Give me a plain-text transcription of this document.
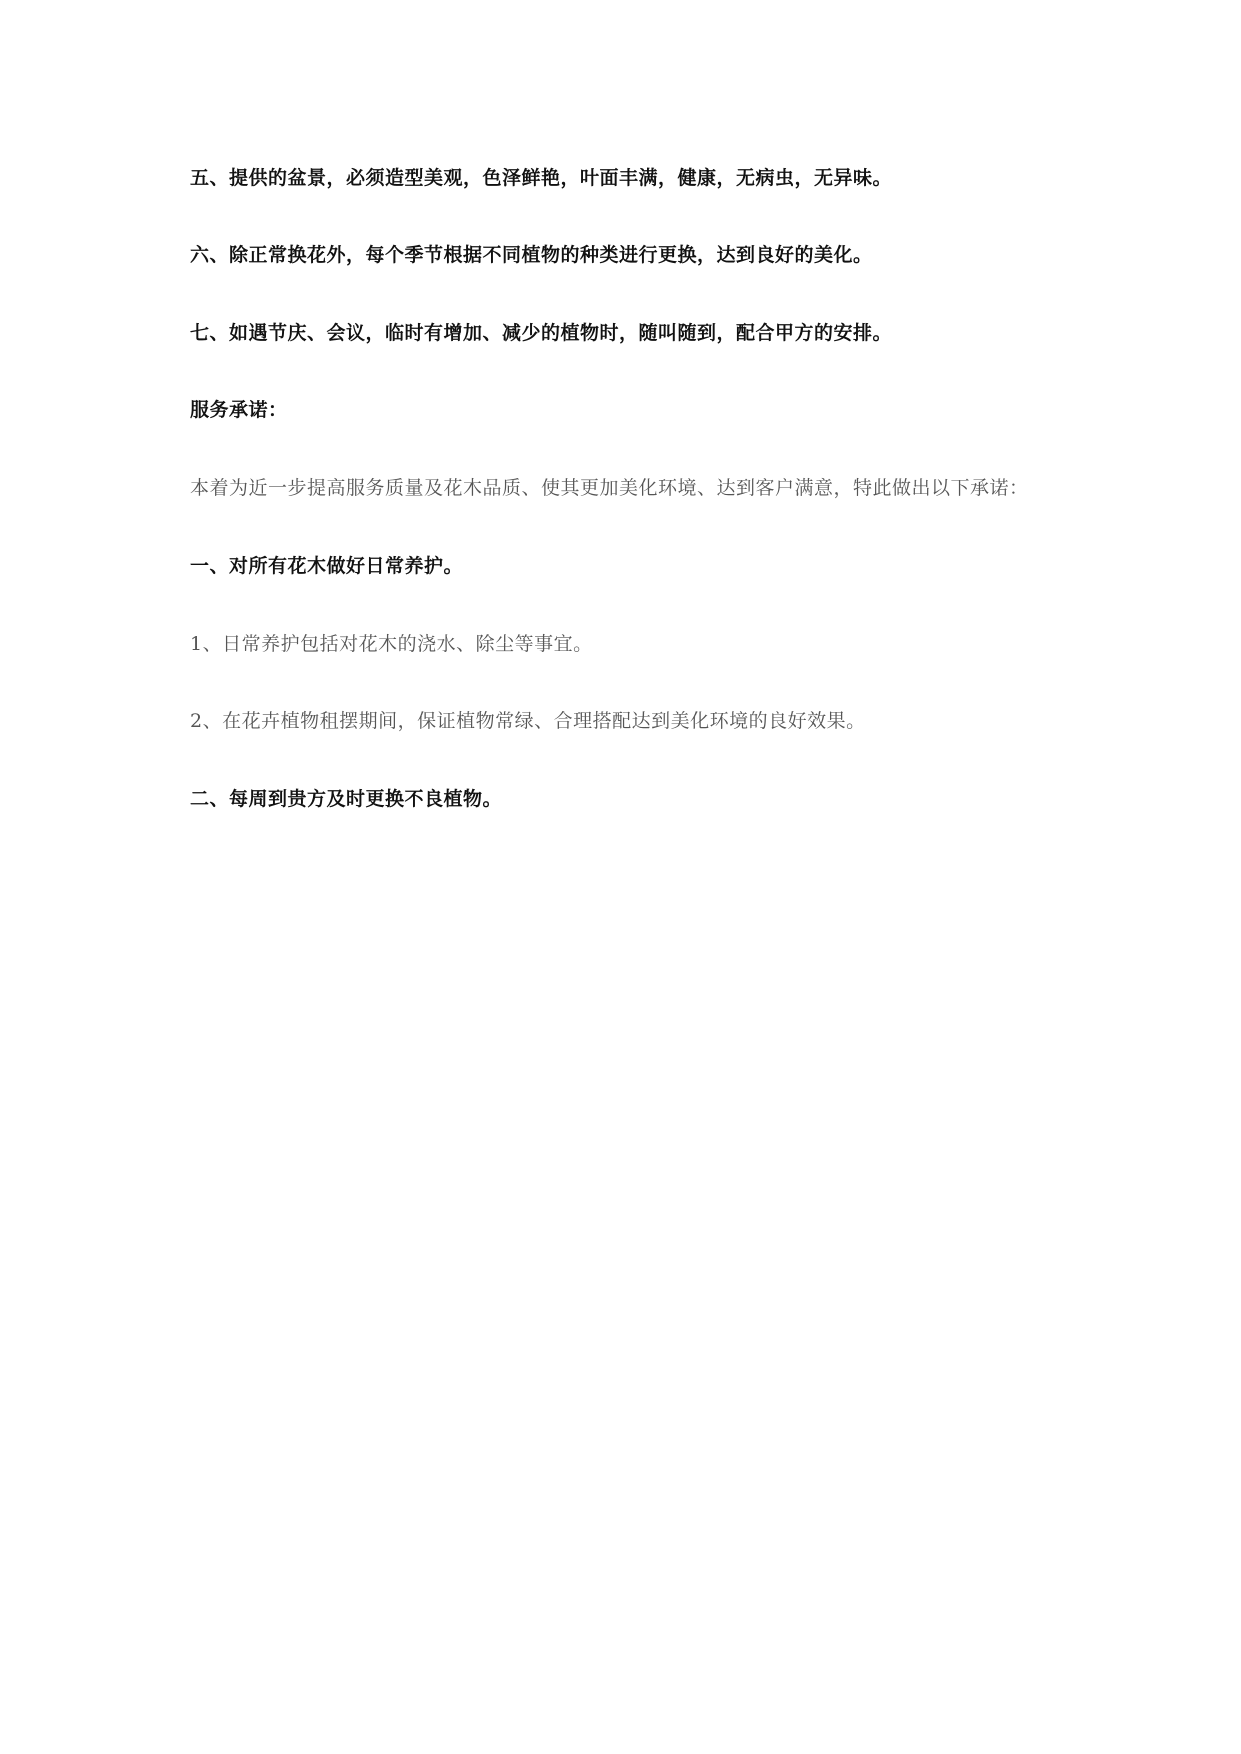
五、提供的盆景，必须造型美观，色泽鲜艳，叶面丰满，健康，无病虫，无异味。
六、除正常换花外，每个季节根据不同植物的种类进行更换，达到良好的美化。
七、如遇节庆、会议，临时有增加、减少的植物时，随叫随到，配合甲方的安排。
服务承诺：
本着为近一步提高服务质量及花木品质、使其更加美化环境、达到客户满意，特此做出以下承诺：
一、对所有花木做好日常养护。
1、日常养护包括对花木的浇水、除尘等事宜。
2、在花卉植物租摆期间，保证植物常绿、合理搭配达到美化环境的良好效果。
二、每周到贵方及时更换不良植物。
